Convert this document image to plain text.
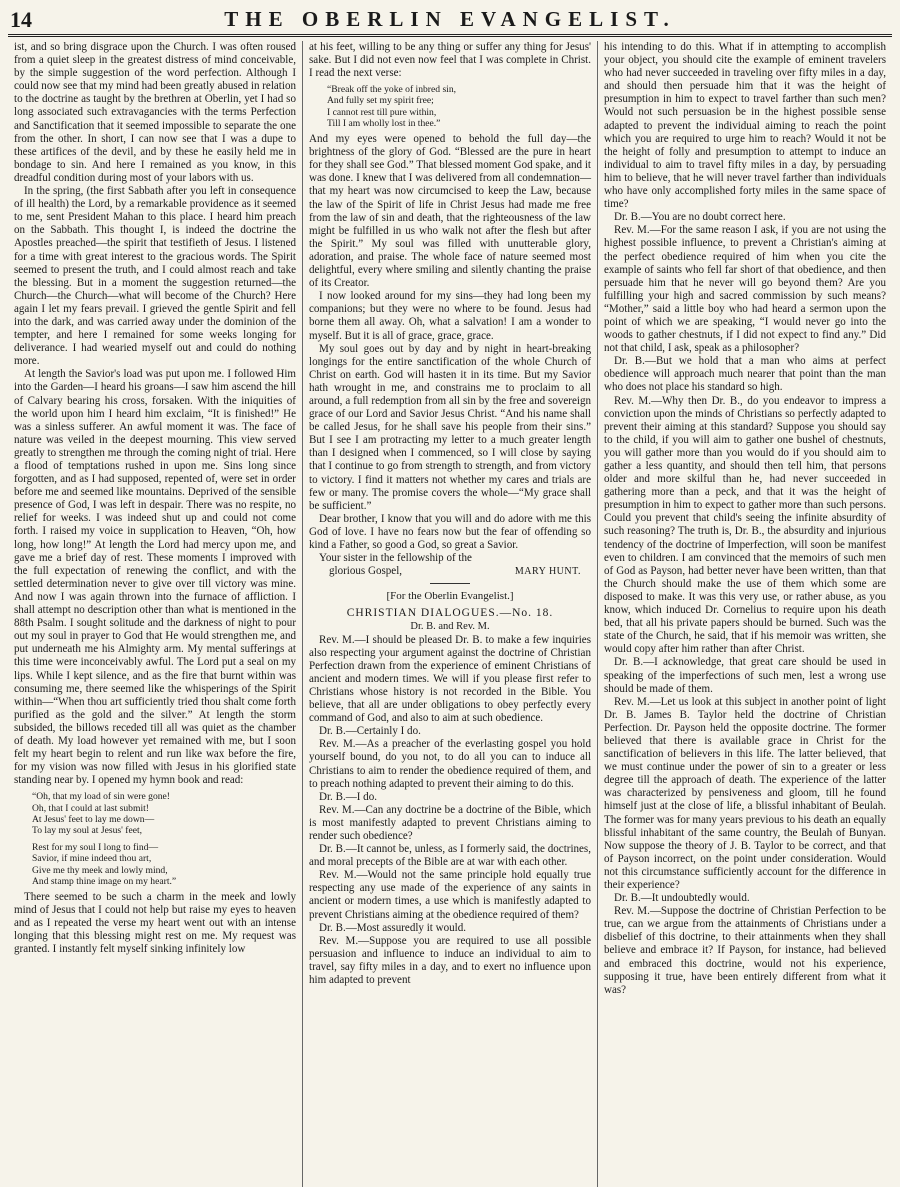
14	THE OBERLIN EVANGELIST.

ist, and so bring disgrace upon the Church. I was often roused from a quiet sleep in the greatest distress of mind conceivable, by the simple suggestion of the word perfection. Although I could now see that my mind had been greatly abused in relation to the doctrine as taught by the brethren at Oberlin, yet I had so long associated such extravagancies with the terms Perfection and Sanctification that it seemed impossible to separate the one from the other. In short, I can now see that I was a dupe to these artifices of the devil, and by these he easily held me in bondage to sin. And here I remained as you know, in this dreadful condition during most of your labors with us.

In the spring, (the first Sabbath after you left in consequence of ill health) the Lord, by a remarkable providence as it seemed to me, sent President Mahan to this place. I heard him preach on the Sabbath. This thought I, is indeed the doctrine the Apostles preached—the spirit that testifieth of Jesus. I listened for a time with great interest to the gracious words. The Spirit seemed to present the truth, and I could almost reach and take the blessing. But in a moment the suggestion returned—the Church—the Church—what will become of the Church? Here again I let my fears prevail. I grieved the gentle Spirit and fell into the dark, and was carried away under the dominion of the tempter, and here I remained for some weeks longing for deliverance. I had wearied myself out and could do nothing more.

At length the Savior's load was put upon me. I followed Him into the Garden—I heard his groans—I saw him ascend the hill of Calvary bearing his cross, forsaken. With the iniquities of the world upon him I heard him exclaim, “It is finished!” He was a sinless sufferer. An awful moment it was. The face of nature was veiled in the deepest mourning. This view served greatly to strengthen me through the coming night of trial. Here a flood of temptations rushed in upon me. Sins long since forgotten, and as I had supposed, repented of, were set in order before me and seemed like mountains. Deprived of the sensible presence of God, I was left in despair. There was no respite, no relief for weeks. I was indeed shut up and could not come forth. I raised my voice in supplication to Heaven, “Oh, how long, how long!” At length the Lord had mercy upon me, and gave me a brief day of rest. These moments I improved with the full expectation of renewing the conflict, and with the settled determination never to give over till victory was mine. And now I was again thrown into the furnace of affliction. I shall attempt no description other than what is mentioned in the 88th Psalm. I sought solitude and the darkness of night to pour out my soul in prayer to God that He would strengthen me, and put underneath me his Almighty arm. My mental sufferings at this time were inconceivably awful. The Lord put a seal on my lips. While I kept silence, and as the fire that burnt within was consuming me, there seemed like the whisperings of the Spirit within—“When thou art sufficiently tried thou shalt come forth purified as the gold and the silver.” At length the storm subsided, the billows receded till all was quiet as the chamber of death. My load however yet remained with me, but I soon felt my heart begin to relent and run like wax before the fire, for my vision was now filled with Jesus in his glorified state standing near by. I opened my hymn book and read:

“Oh, that my load of sin were gone!
Oh, that I could at last submit!
At Jesus' feet to lay me down—
To lay my soul at Jesus' feet,
Rest for my soul I long to find—
Savior, if mine indeed thou art,
Give me thy meek and lowly mind,
And stamp thine image on my heart.”

There seemed to be such a charm in the meek and lowly mind of Jesus that I could not help but raise my eyes to heaven and as I repeated the verse my heart went out with an intense longing that this blessing might rest on me. My request was granted. I instantly felt myself sinking infinitely low

at his feet, willing to be any thing or suffer any thing for Jesus' sake. But I did not even now feel that I was complete in Christ. I read the next verse:

“Break off the yoke of inbred sin,
And fully set my spirit free;
I cannot rest till pure within,
Till I am wholly lost in thee.”

And my eyes were opened to behold the full day—the brightness of the glory of God. “Blessed are the pure in heart for they shall see God.” That blessed moment God spake, and it was done. I knew that I was delivered from all condemnation—that my heart was now circumcised to keep the Law, because the law of the Spirit of life in Christ Jesus had made me free from the law of sin and death, that the righteousness of the law might be fulfilled in us who walk not after the flesh but after the Spirit.” My soul was filled with unutterable glory, adoration, and praise. The whole face of nature seemed most delightful, every where smiling and silently chanting the praise of its Creator.

I now looked around for my sins—they had long been my companions; but they were no where to be found. Jesus had borne them all away. Oh, what a salvation! I am a wonder to myself. But it is all of grace, grace, grace.

My soul goes out by day and by night in heart-breaking longings for the entire sanctification of the whole Church of Christ on earth. God will hasten it in its time. But my Savior hath wrought in me, and constrains me to proclaim to all around, a full redemption from all sin by the free and sovereign grace of our Lord and Savior Jesus Christ. “And his name shall be called Jesus, for he shall save his people from their sins.” But I see I am protracting my letter to a much greater length than I designed when I commenced, so I will close by saying that I continue to go from strength to strength, and from victory to victory. I find it matters not whether my cares and trials are few or many. The promise covers the whole—“My grace shall be sufficient.”

Dear brother, I know that you will and do adore with me this God of love. I have no fears now but the fear of offending so kind a Father, so good a God, so great a Savior.

Your sister in the fellowship of the

glorious Gospel,	MARY HUNT.
[For the Oberlin Evangelist.]
CHRISTIAN DIALOGUES.—No. 18.
Dr. B. and Rev. M.

Rev. M.—I should be pleased Dr. B. to make a few inquiries also respecting your argument against the doctrine of Christian Perfection drawn from the experience of eminent Christians of ancient and modern times. We will if you please first refer to Christians whose history is not recorded in the Bible. You believe, that all are under obligations to obey perfectly every command of God, and also to aim at such obedience.

Dr. B.—Certainly I do.

Rev. M.—As a preacher of the everlasting gospel you hold yourself bound, do you not, to do all you can to induce all Christians to aim to render the obedience required of them, and to preach nothing adapted to prevent their aiming to do this.

Dr. B.—I do.

Rev. M.—Can any doctrine be a doctrine of the Bible, which is most manifestly adapted to prevent Christians aiming to render such obedience?

Dr. B.—It cannot be, unless, as I formerly said, the doctrines, and moral precepts of the Bible are at war with each other.

Rev. M.—Would not the same principle hold equally true respecting any use made of the experience of any saints in ancient or modern times, a use which is manifestly adapted to prevent Christians aiming at the obedience required of them?

Dr. B.—Most assuredly it would.

Rev. M.—Suppose you are required to use all possible persuasion and influence to induce an individual to aim to travel, say fifty miles in a day, and to exert no influence upon him adapted to prevent

his intending to do this. What if in attempting to accomplish your object, you should cite the example of eminent travelers who had never succeeded in traveling over fifty miles in a day, and should then persuade him that it was the height of presumption in him to expect to travel farther than such men? Would not such persuasion be in the highest possible sense adapted to prevent the individual aiming to reach the point which you are required to urge him to reach? Would it not be the height of folly and presumption to attempt to induce an individual to aim to travel fifty miles in a day, by persuading him to believe, that he will never travel farther than individuals who have only accomplished forty miles in the same space of time?

Dr. B.—You are no doubt correct here.

Rev. M.—For the same reason I ask, if you are not using the highest possible influence, to prevent a Christian's aiming at the perfect obedience required of him when you cite the example of saints who fell far short of that obedience, and then persuade him that he never will go beyond them? Are you fulfilling your high and sacred commission by such means? “Mother,” said a little boy who had heard a sermon upon the point of which we are speaking, “I would never go into the woods to gather chestnuts, if I did not expect to find any.” Did not that child, I ask, speak as a philosopher?

Dr. B.—But we hold that a man who aims at perfect obedience will approach much nearer that point than the man who does not place his standard so high.

Rev. M.—Why then Dr. B., do you endeavor to impress a conviction upon the minds of Christians so perfectly adapted to prevent their aiming at this standard? Suppose you should say to the child, if you will aim to gather one bushel of chestnuts, you will gather more than you would do if you should aim to gather a less quantity, and should then tell him, that persons older and more skilful than he, had never succeeded in gathering more than a peck, and that it was the height of presumption in him to expect to gather more than such persons. Could you prevent that child's seeing the infinite absurdity of such reasoning? The truth is, Dr. B., the absurdity and injurious tendency of the doctrine of Imperfection, will soon be manifest even to children. I am convinced that the memoirs of such men of God as Payson, had better never have been written, than that the Church should make the use of them which some are disposed to make. It was this very use, or rather abuse, as you know, which induced Dr. Cornelius to require upon his death bed, that all his private papers should be burned. Such was the state of the Church, he said, that if his memoir was written, she would copy after him rather than after Christ.

Dr. B.—I acknowledge, that great care should be used in speaking of the imperfections of such men, lest a wrong use should be made of them.

Rev. M.—Let us look at this subject in another point of light Dr. B. James B. Taylor held the doctrine of Christian Perfection. Dr. Payson held the opposite doctrine. The former believed that there is available grace in Christ for the sanctification of believers in this life. The latter believed, that we must continue under the power of sin to a greater or less degree till the approach of death. The experience of the latter was characterized by pensiveness and gloom, till he found himself just at the close of life, a blissful inhabitant of Beulah. The former was for many years previous to his death an equally blissful inhabitant of the same country, the Beulah of Bunyan. Now suppose the theory of J. B. Taylor to be correct, and that of Payson incorrect, on the point under consideration. Would not this circumstance sufficiently account for the difference in their experience?

Dr. B.—It undoubtedly would.

Rev. M.—Suppose the doctrine of Christian Perfection to be true, can we argue from the attainments of Christians under a disbelief of this doctrine, to their attainments when they shall believe and embrace it? If Payson, for instance, had believed and embraced this doctrine, would not his experience, supposing it true, have been entirely different from what it was?
